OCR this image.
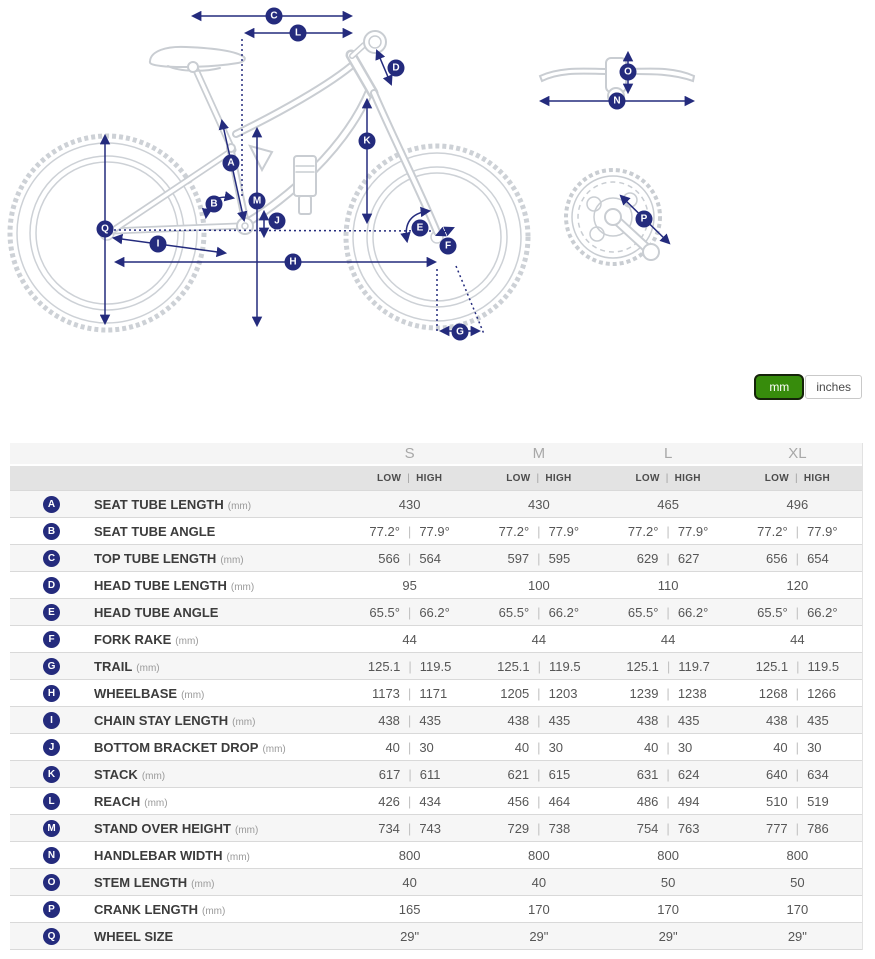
A
B
C
D
E
F
G
H
I
J
K
L
M
N
O
P
Q
mm	inches
S	M	L	XL
LOW | HIGH	LOW | HIGH	LOW | HIGH	LOW | HIGH
A	SEAT TUBE LENGTH (mm)	430	430	465	496
B	SEAT TUBE ANGLE	77.2° | 77.9°	77.2° | 77.9°	77.2° | 77.9°	77.2° | 77.9°
C	TOP TUBE LENGTH (mm)	566 | 564	597 | 595	629 | 627	656 | 654
D	HEAD TUBE LENGTH (mm)	95	100	110	120
E	HEAD TUBE ANGLE	65.5° | 66.2°	65.5° | 66.2°	65.5° | 66.2°	65.5° | 66.2°
F	FORK RAKE (mm)	44	44	44	44
G	TRAIL (mm)	125.1 | 119.5	125.1 | 119.5	125.1 | 119.7	125.1 | 119.5
H	WHEELBASE (mm)	1173 | 1171	1205 | 1203	1239 | 1238	1268 | 1266
I	CHAIN STAY LENGTH (mm)	438 | 435	438 | 435	438 | 435	438 | 435
J	BOTTOM BRACKET DROP (mm)	40 | 30	40 | 30	40 | 30	40 | 30
K	STACK (mm)	617 | 611	621 | 615	631 | 624	640 | 634
L	REACH (mm)	426 | 434	456 | 464	486 | 494	510 | 519
M	STAND OVER HEIGHT (mm)	734 | 743	729 | 738	754 | 763	777 | 786
N	HANDLEBAR WIDTH (mm)	800	800	800	800
O	STEM LENGTH (mm)	40	40	50	50
P	CRANK LENGTH (mm)	165	170	170	170
Q	WHEEL SIZE	29"	29"	29"	29"
